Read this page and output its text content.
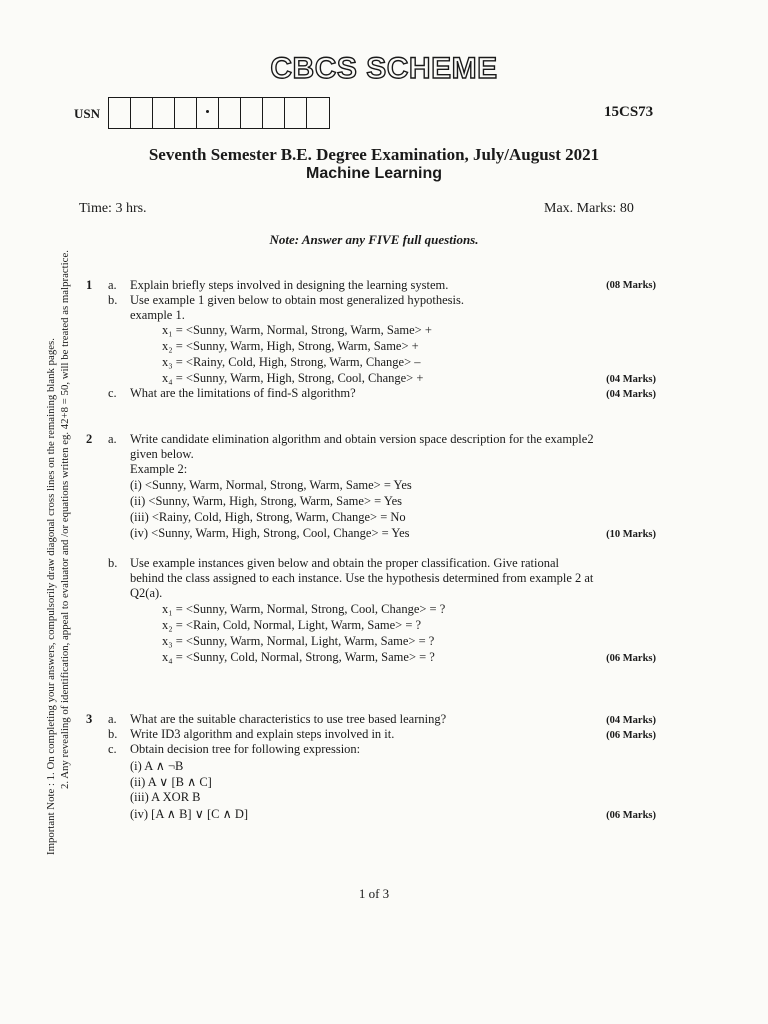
CBCS SCHEME
USN	15CS73
Seventh Semester B.E. Degree Examination, July/August 2021
Machine Learning
Time: 3 hrs.	Max. Marks: 80
Note: Answer any FIVE full questions.
Important Note : 1. On completing your answers, compulsorily draw diagonal cross lines on the remaining blank pages. 2. Any revealing of identification, appeal to evaluator and /or equations written eg. 42+8 = 50, will be treated as malpractice. 1 a. Explain briefly steps involved in designing the learning system.	(08 Marks)
b. Use example 1 given below to obtain most generalized hypothesis.
example 1.
x₁ = <Sunny, Warm, Normal, Strong, Warm, Same> +
x₂ = <Sunny, Warm, High, Strong, Warm, Same> +
x₃ = <Rainy, Cold, High, Strong, Warm, Change> –
x₄ = <Sunny, Warm, High, Strong, Cool, Change> +	(04 Marks)
c. What are the limitations of find-S algorithm?	(04 Marks)
2 a. Write candidate elimination algorithm and obtain version space description for the example2
given below.
Example 2:
(i) <Sunny, Warm, Normal, Strong, Warm, Same> = Yes
(ii) <Sunny, Warm, High, Strong, Warm, Same> = Yes
(iii) <Rainy, Cold, High, Strong, Warm, Change> = No
(iv) <Sunny, Warm, High, Strong, Cool, Change> = Yes	(10 Marks)
b. Use example instances given below and obtain the proper classification. Give rational
behind the class assigned to each instance. Use the hypothesis determined from example 2 at
Q2(a).
x₁ = <Sunny, Warm, Normal, Strong, Cool, Change> = ?
x₂ = <Rain, Cold, Normal, Light, Warm, Same> = ?
x₃ = <Sunny, Warm, Normal, Light, Warm, Same> = ?
x₄ = <Sunny, Cold, Normal, Strong, Warm, Same> = ?	(06 Marks)
3 a. What are the suitable characteristics to use tree based learning?	(04 Marks)
b. Write ID3 algorithm and explain steps involved in it.	(06 Marks)
c. Obtain decision tree for following expression:
(i) A ∧ ¬B
(ii) A ∨ [B ∧ C]
(iii) A XOR B
(iv) [A ∧ B] ∨ [C ∧ D]	(06 Marks)
1 of 3
